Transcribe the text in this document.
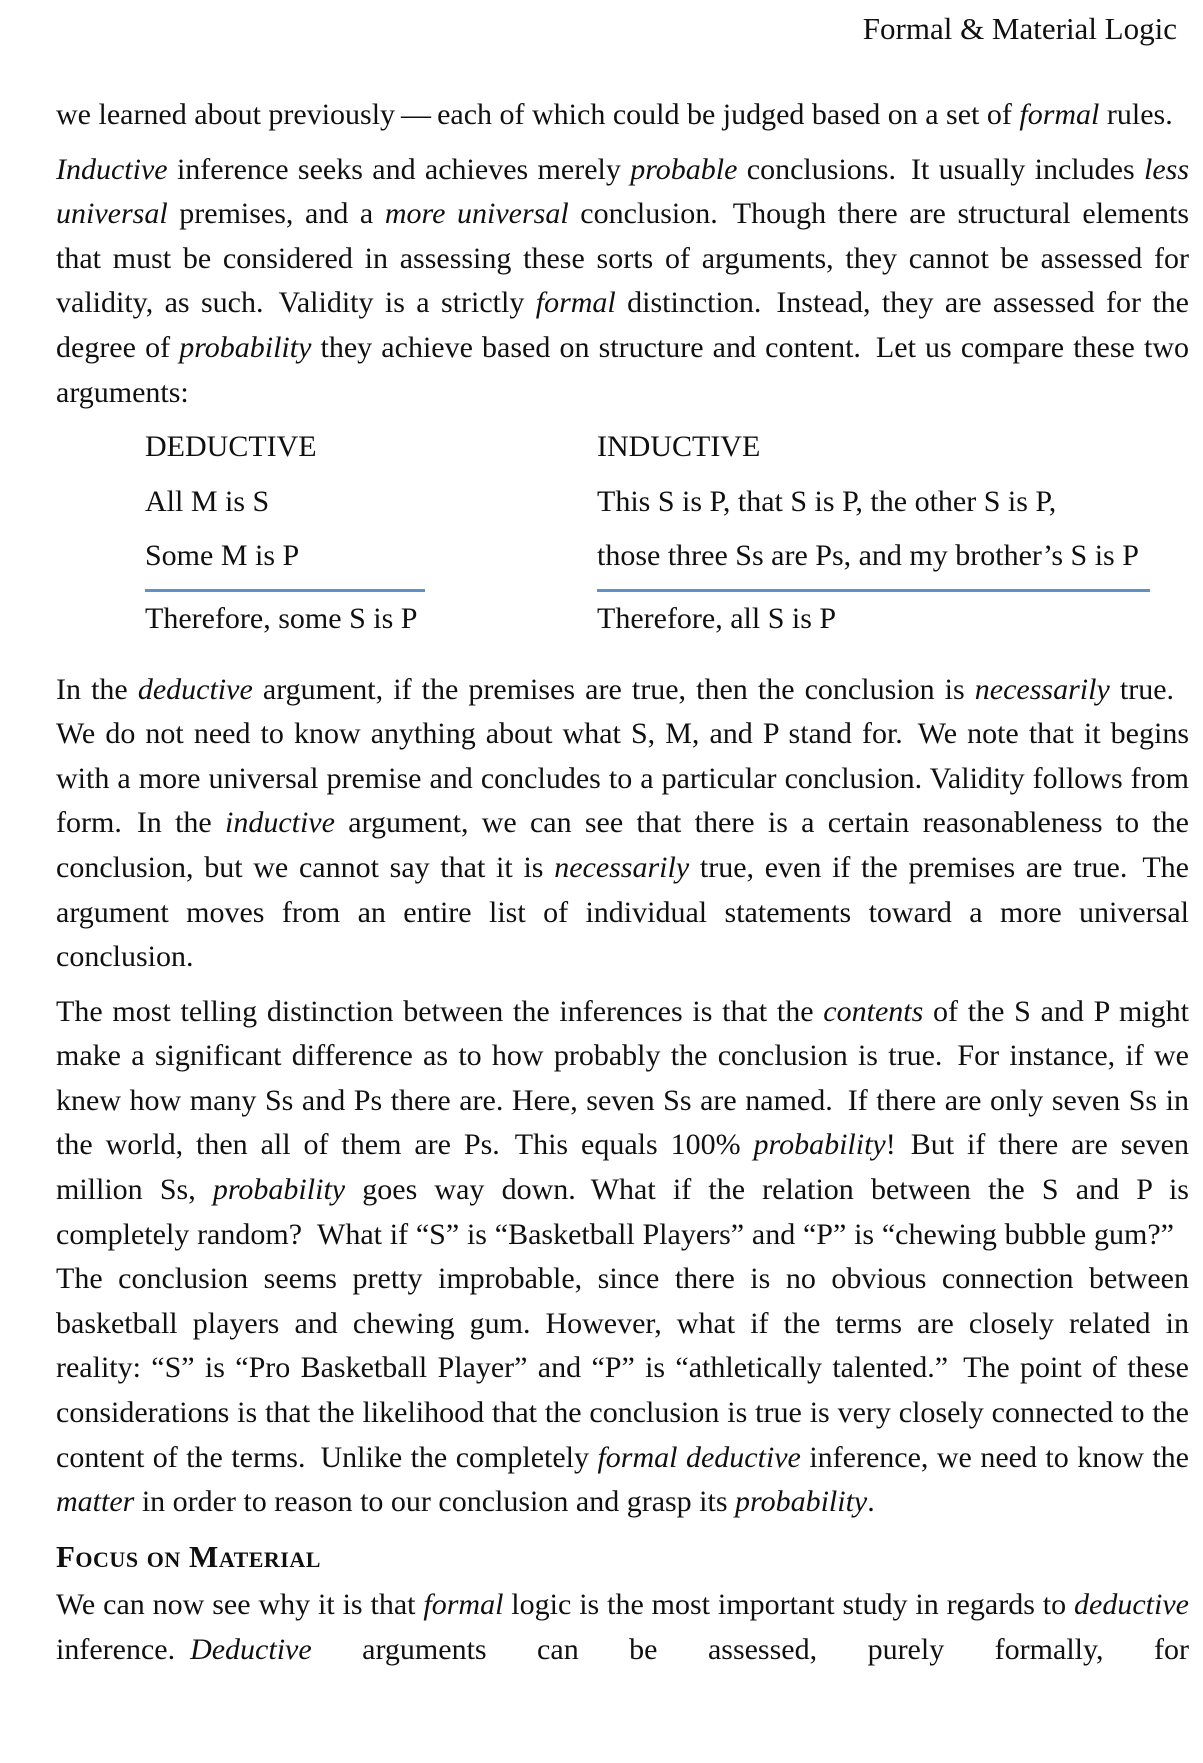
Formal & Material Logic

we learned about previously — each of which could be judged based on a set of formal rules.

Inductive inference seeks and achieves merely probable conclusions. It usually includes less universal premises, and a more universal conclusion. Though there are structural elements that must be considered in assessing these sorts of arguments, they cannot be assessed for validity, as such. Validity is a strictly formal distinction. Instead, they are assessed for the degree of probability they achieve based on structure and content. Let us compare these two arguments:

DEDUCTIVE
All M is S
Some M is P
Therefore, some S is P
INDUCTIVE
This S is P, that S is P, the other S is P,
those three Ss are Ps, and my brother’s S is P
Therefore, all S is P

In the deductive argument, if the premises are true, then the conclusion is necessarily true. We do not need to know anything about what S, M, and P stand for. We note that it begins with a more universal premise and concludes to a particular conclusion. Validity follows from form. In the inductive argument, we can see that there is a certain reasonableness to the conclusion, but we cannot say that it is necessarily true, even if the premises are true. The argument moves from an entire list of individual statements toward a more universal conclusion.

The most telling distinction between the inferences is that the contents of the S and P might make a significant difference as to how probably the conclusion is true. For instance, if we knew how many Ss and Ps there are. Here, seven Ss are named. If there are only seven Ss in the world, then all of them are Ps. This equals 100% probability! But if there are seven million Ss, probability goes way down. What if the relation between the S and P is completely random? What if “S” is “Basketball Players” and “P” is “chewing bubble gum?” The conclusion seems pretty improbable, since there is no obvious connection between basketball players and chewing gum. However, what if the terms are closely related in reality: “S” is “Pro Basketball Player” and “P” is “athletically talented.” The point of these considerations is that the likelihood that the conclusion is true is very closely connected to the content of the terms. Unlike the completely formal deductive inference, we need to know the matter in order to reason to our conclusion and grasp its probability.

Focus on Material

We can now see why it is that formal logic is the most important study in regards to deductive inference. Deductive arguments can be assessed, purely formally, for
